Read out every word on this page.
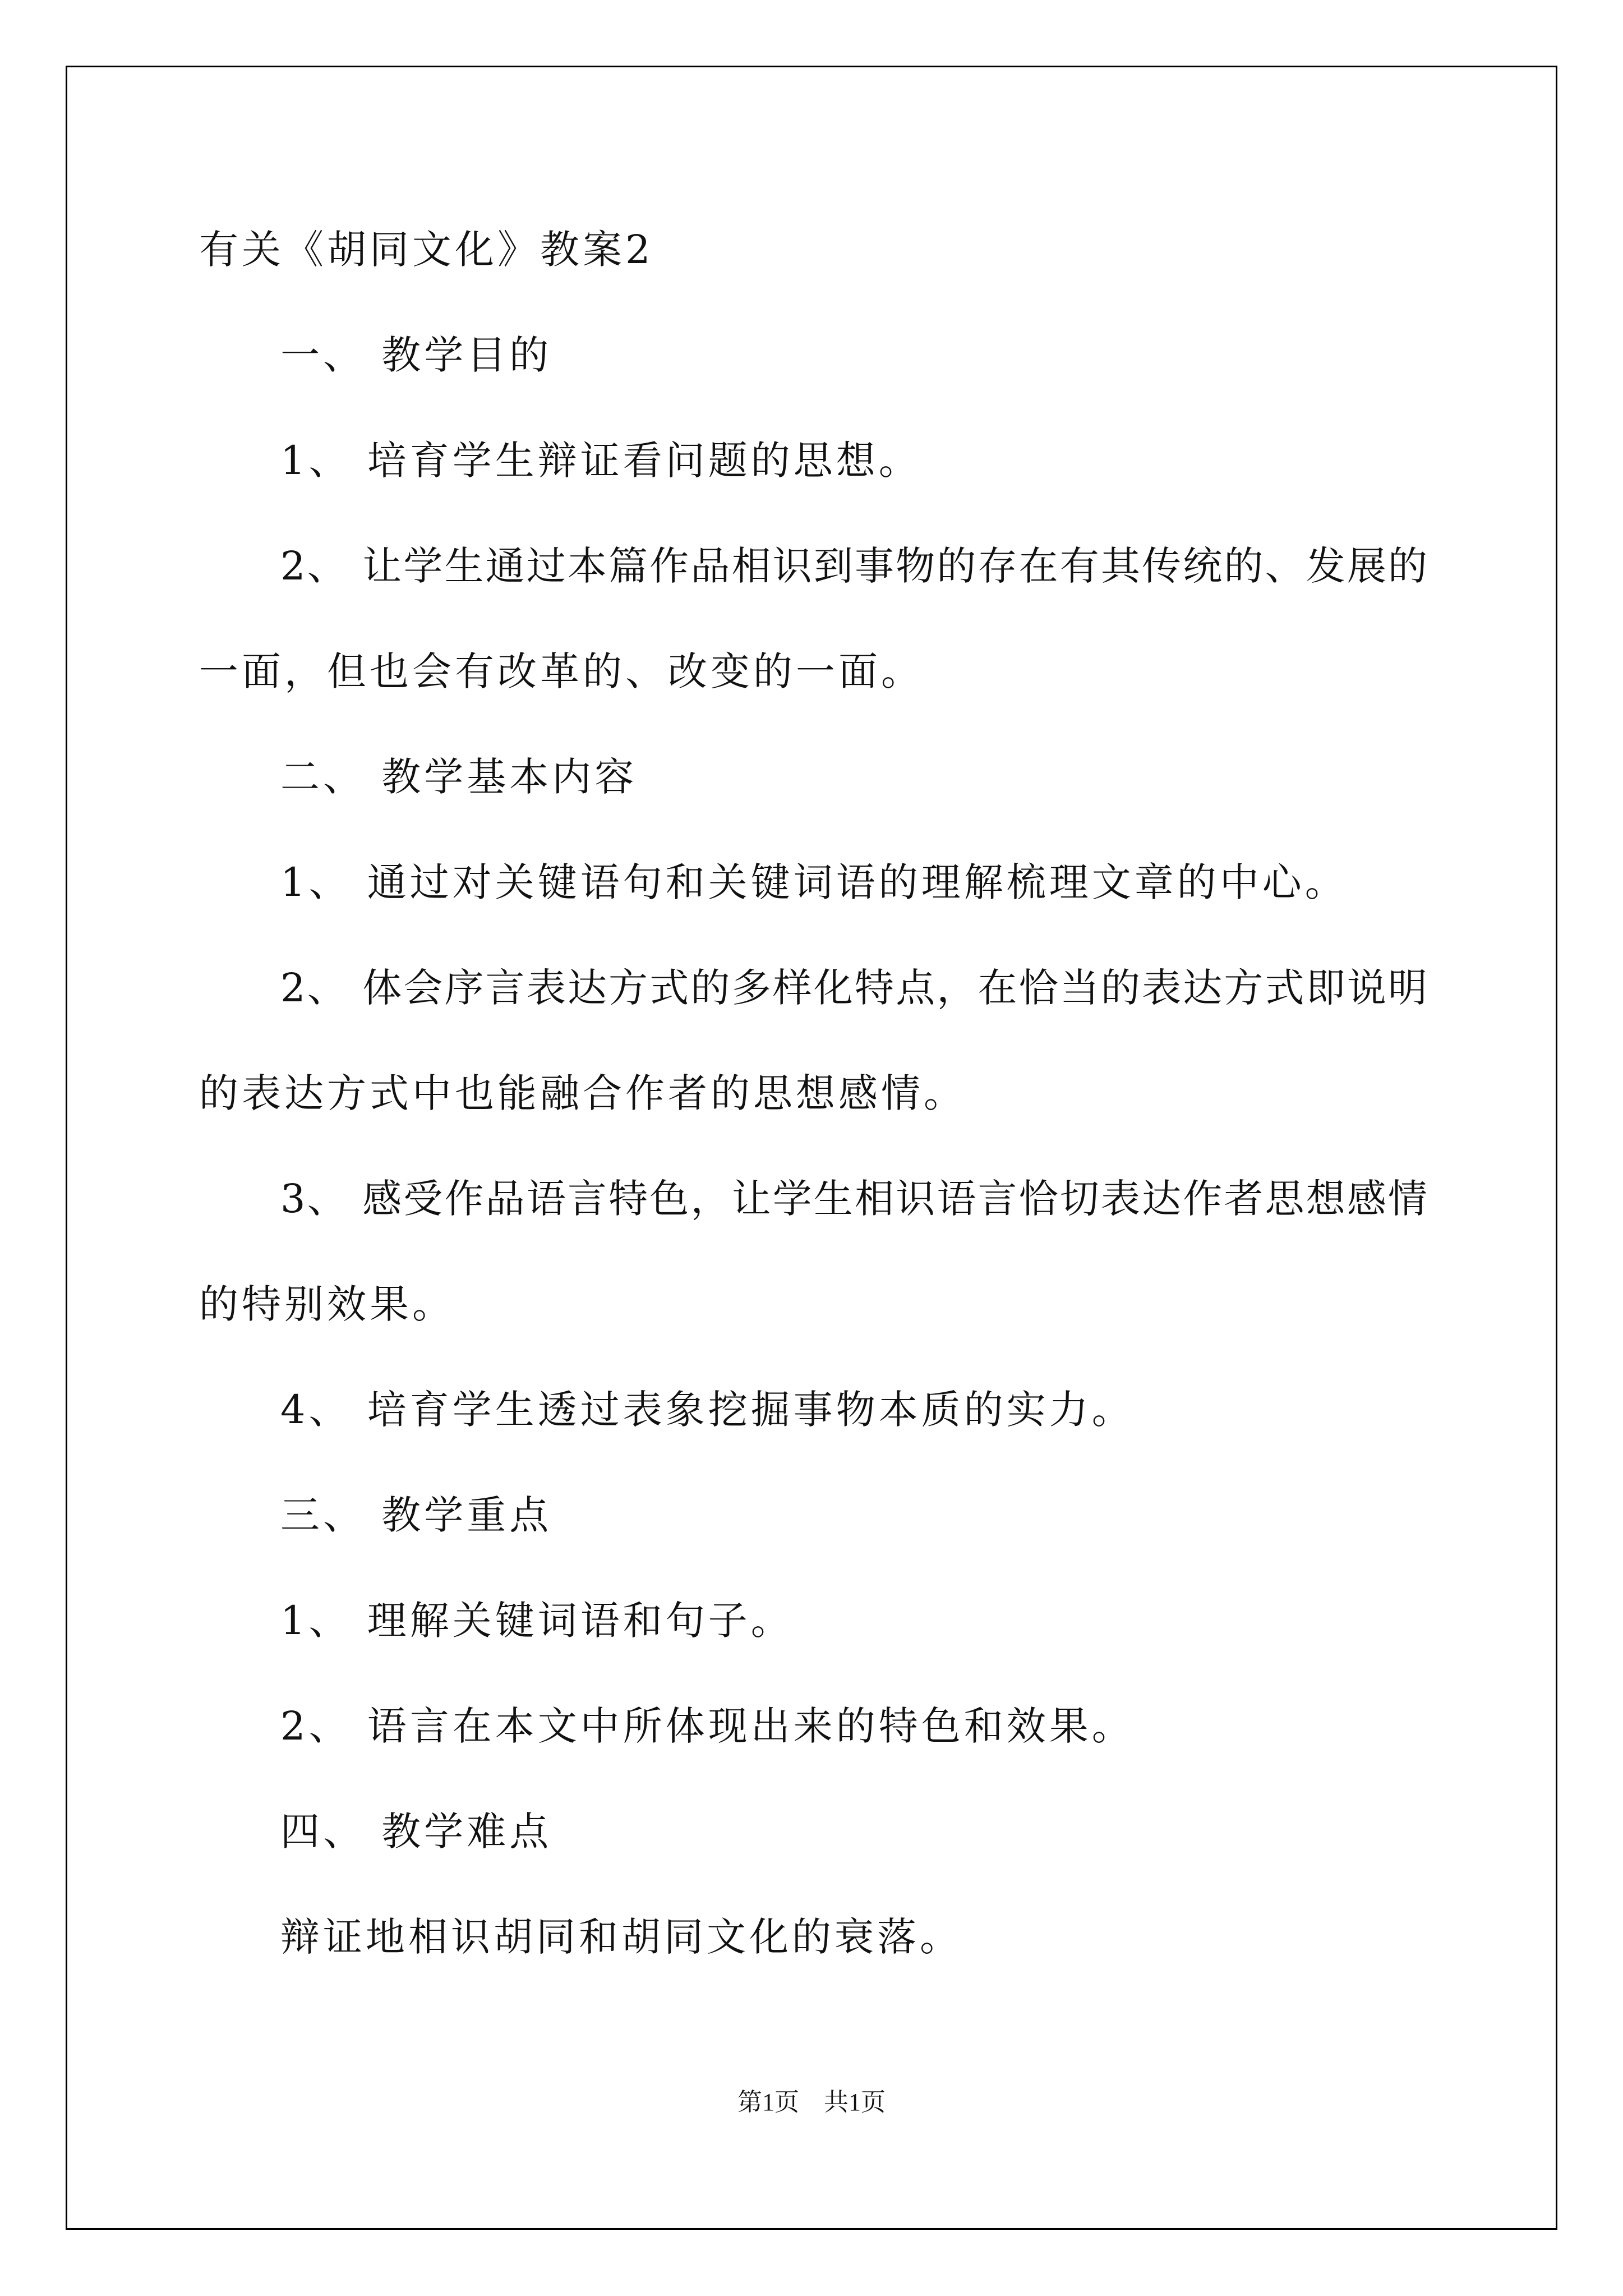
有关《胡同文化》教案2
一、 教学目的
1、 培育学生辩证看问题的思想。
2、 让学生通过本篇作品相识到事物的存在有其传统的、发展的
一面，但也会有改革的、改变的一面。
二、 教学基本内容
1、 通过对关键语句和关键词语的理解梳理文章的中心。
2、 体会序言表达方式的多样化特点，在恰当的表达方式即说明
的表达方式中也能融合作者的思想感情。
3、 感受作品语言特色，让学生相识语言恰切表达作者思想感情
的特别效果。
4、 培育学生透过表象挖掘事物本质的实力。
三、 教学重点
1、 理解关键词语和句子。
2、 语言在本文中所体现出来的特色和效果。
四、 教学难点
辩证地相识胡同和胡同文化的衰落。
第1页　共1页
